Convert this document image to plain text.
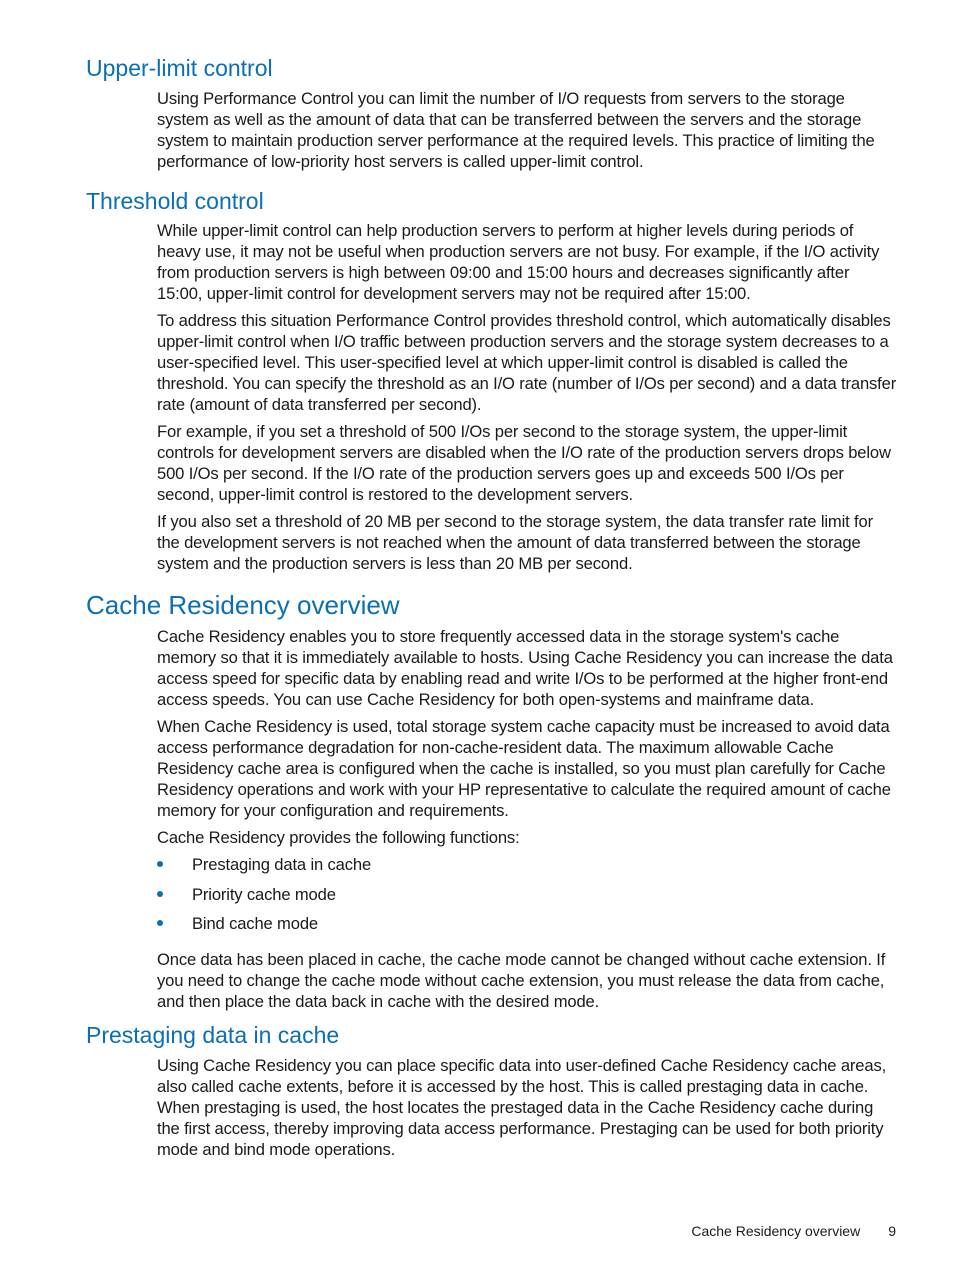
Upper-limit control

Using Performance Control you can limit the number of I/O requests from servers to the storage system as well as the amount of data that can be transferred between the servers and the storage system to maintain production server performance at the required levels. This practice of limiting the performance of low-priority host servers is called upper-limit control.

Threshold control

While upper-limit control can help production servers to perform at higher levels during periods of heavy use, it may not be useful when production servers are not busy. For example, if the I/O activity from production servers is high between 09:00 and 15:00 hours and decreases significantly after 15:00, upper-limit control for development servers may not be required after 15:00.

To address this situation Performance Control provides threshold control, which automatically disables upper-limit control when I/O traffic between production servers and the storage system decreases to a user-specified level. This user-specified level at which upper-limit control is disabled is called the threshold. You can specify the threshold as an I/O rate (number of I/Os per second) and a data transfer rate (amount of data transferred per second).

For example, if you set a threshold of 500 I/Os per second to the storage system, the upper-limit controls for development servers are disabled when the I/O rate of the production servers drops below 500 I/Os per second. If the I/O rate of the production servers goes up and exceeds 500 I/Os per second, upper-limit control is restored to the development servers.

If you also set a threshold of 20 MB per second to the storage system, the data transfer rate limit for the development servers is not reached when the amount of data transferred between the storage system and the production servers is less than 20 MB per second.

Cache Residency overview

Cache Residency enables you to store frequently accessed data in the storage system's cache memory so that it is immediately available to hosts. Using Cache Residency you can increase the data access speed for specific data by enabling read and write I/Os to be performed at the higher front-end access speeds. You can use Cache Residency for both open-systems and mainframe data.

When Cache Residency is used, total storage system cache capacity must be increased to avoid data access performance degradation for non-cache-resident data. The maximum allowable Cache Residency cache area is configured when the cache is installed, so you must plan carefully for Cache Residency operations and work with your HP representative to calculate the required amount of cache memory for your configuration and requirements.

Cache Residency provides the following functions:

Prestaging data in cache
Priority cache mode
Bind cache mode

Once data has been placed in cache, the cache mode cannot be changed without cache extension. If you need to change the cache mode without cache extension, you must release the data from cache, and then place the data back in cache with the desired mode.

Prestaging data in cache

Using Cache Residency you can place specific data into user-defined Cache Residency cache areas, also called cache extents, before it is accessed by the host. This is called prestaging data in cache. When prestaging is used, the host locates the prestaged data in the Cache Residency cache during the first access, thereby improving data access performance. Prestaging can be used for both priority mode and bind mode operations.

Cache Residency overview 9
